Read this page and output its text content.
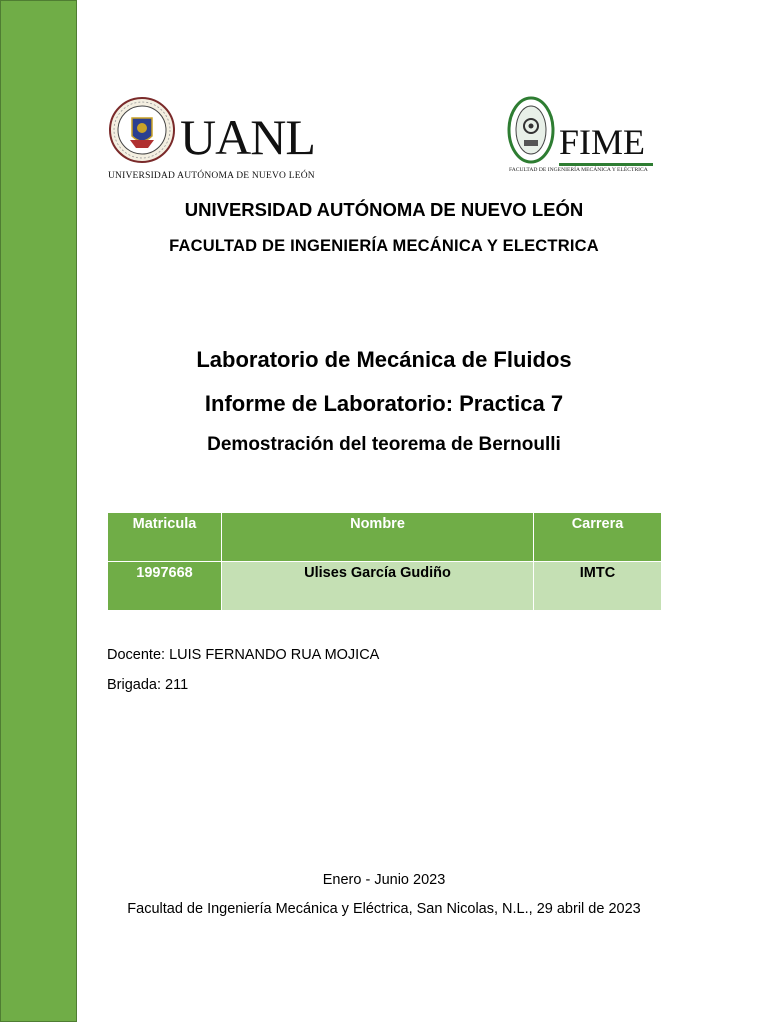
UANL
UNIVERSIDAD AUTÓNOMA DE NUEVO LEÓN
FIME
FACULTAD DE INGENIERÍA MECÁNICA Y ELÉCTRICA
UNIVERSIDAD AUTÓNOMA DE NUEVO LEÓN
FACULTAD DE INGENIERÍA MECÁNICA Y ELECTRICA
Laboratorio de Mecánica de Fluidos
Informe de Laboratorio: Practica 7
Demostración del teorema de Bernoulli
Matricula	Nombre	Carrera
1997668	Ulises García Gudiño	IMTC
Docente: LUIS FERNANDO RUA MOJICA
Brigada: 211
Enero - Junio 2023
Facultad de Ingeniería Mecánica y Eléctrica, San Nicolas, N.L., 29 abril de 2023
